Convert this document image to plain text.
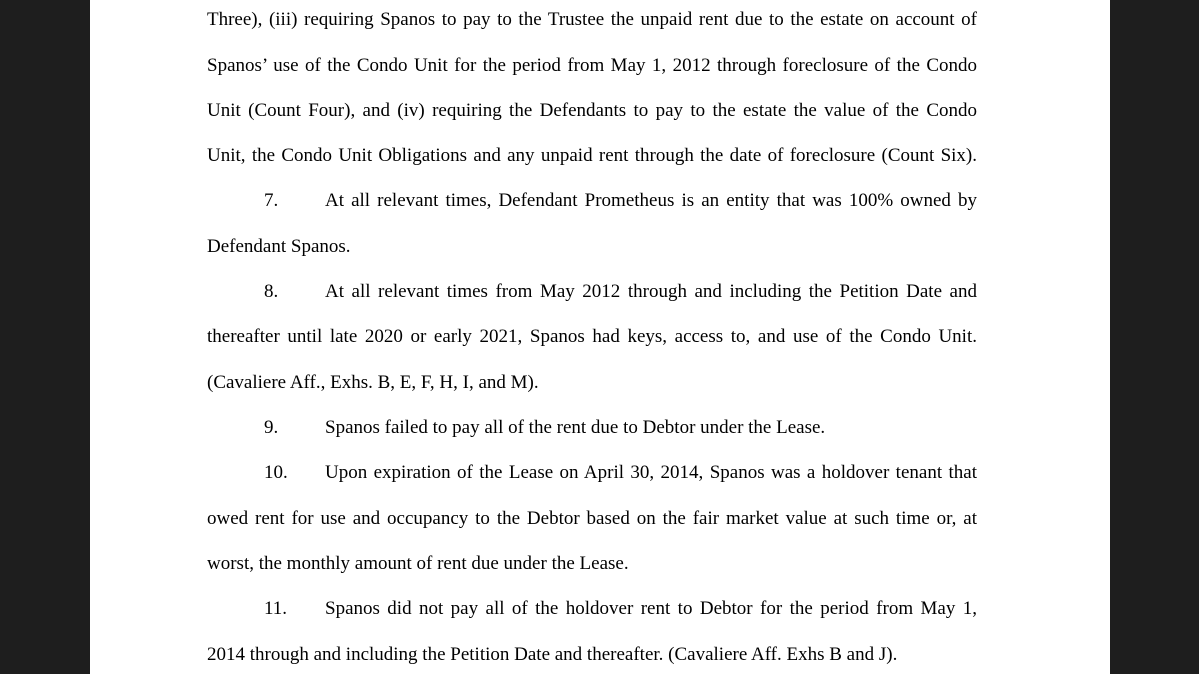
Three), (iii) requiring Spanos to pay to the Trustee the unpaid rent due to the estate on account of
Spanos’ use of the Condo Unit for the period from May 1, 2012 through foreclosure of the Condo
Unit (Count Four), and (iv) requiring the Defendants to pay to the estate the value of the Condo
Unit, the Condo Unit Obligations and any unpaid rent through the date of foreclosure (Count Six).
7. At all relevant times, Defendant Prometheus is an entity that was 100% owned by
Defendant Spanos.
8. At all relevant times from May 2012 through and including the Petition Date and
thereafter until late 2020 or early 2021, Spanos had keys, access to, and use of the Condo Unit.
(Cavaliere Aff., Exhs. B, E, F, H, I, and M).
9. Spanos failed to pay all of the rent due to Debtor under the Lease.
10. Upon expiration of the Lease on April 30, 2014, Spanos was a holdover tenant that
owed rent for use and occupancy to the Debtor based on the fair market value at such time or, at
worst, the monthly amount of rent due under the Lease.
11. Spanos did not pay all of the holdover rent to Debtor for the period from May 1,
2014 through and including the Petition Date and thereafter. (Cavaliere Aff. Exhs B and J).
